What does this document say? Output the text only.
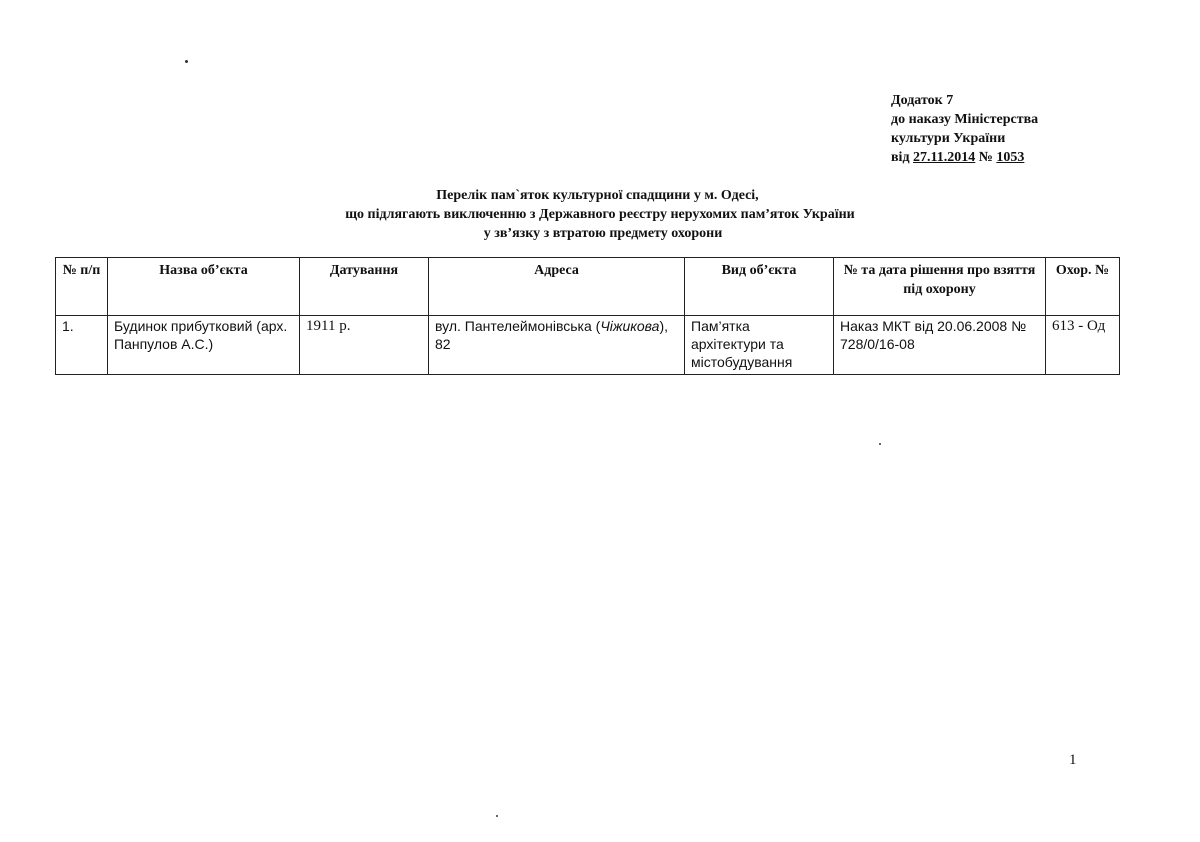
Додаток 7
до наказу Міністерства
культури України
від 27.11.2014 № 1053
Перелік пам`яток культурної спадщини у м. Одесі,
що підлягають виключенню з Державного реєстру нерухомих пам’яток України
у зв’язку з втратою предмету охорони
№ п/п	Назва об’єкта	Датування	Адреса	Вид об’єкта	№ та дата рішення про взяття під охорону	Охор. №
1.	Будинок прибутковий (арх. Панпулов А.С.)	1911 р.	вул. Пантелеймонівська (Чіжикова), 82	Пам’ятка архітектури та містобудування	Наказ МКТ від 20.06.2008 № 728/0/16-08	613 - Од
1
